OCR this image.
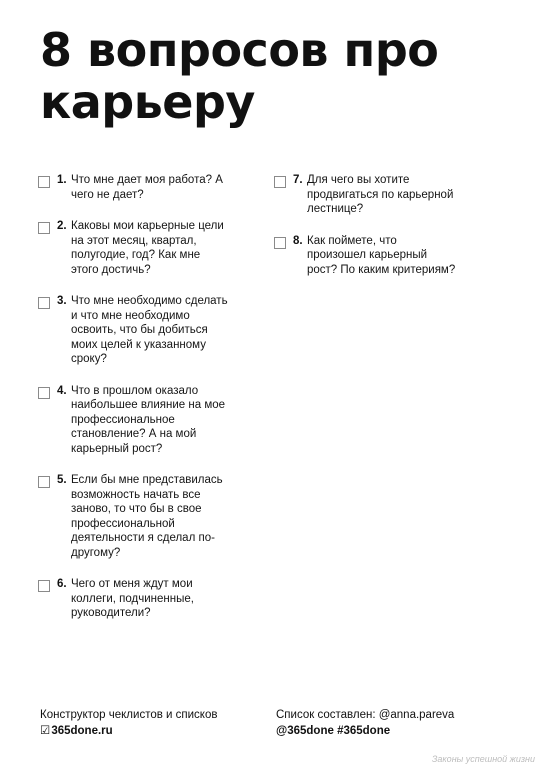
8 вопросов про карьеру
1. Что мне дает моя работа? А чего не дает?
2. Каковы мои карьерные цели на этот месяц, квартал, полугодие, год? Как мне этого достичь?
3. Что мне необходимо сделать и что мне необходимо освоить, что бы добиться моих целей к указанному сроку?
4. Что в прошлом оказало наибольшее влияние на мое профессиональное становление? А на мой карьерный рост?
5. Если бы мне представилась возможность начать все заново, то что бы в свое профессиональной деятельности я сделал по-другому?
6. Чего от меня ждут мои коллеги, подчиненные, руководители?
7. Для чего вы хотите продвигаться по карьерной лестнице?
8. Как поймете, что произошел карьерный рост? По каким критериям?
Конструктор чеклистов и списков
☑365done.ru
Список составлен: @anna.pareva
@365done #365done
Законы успешной жизни
